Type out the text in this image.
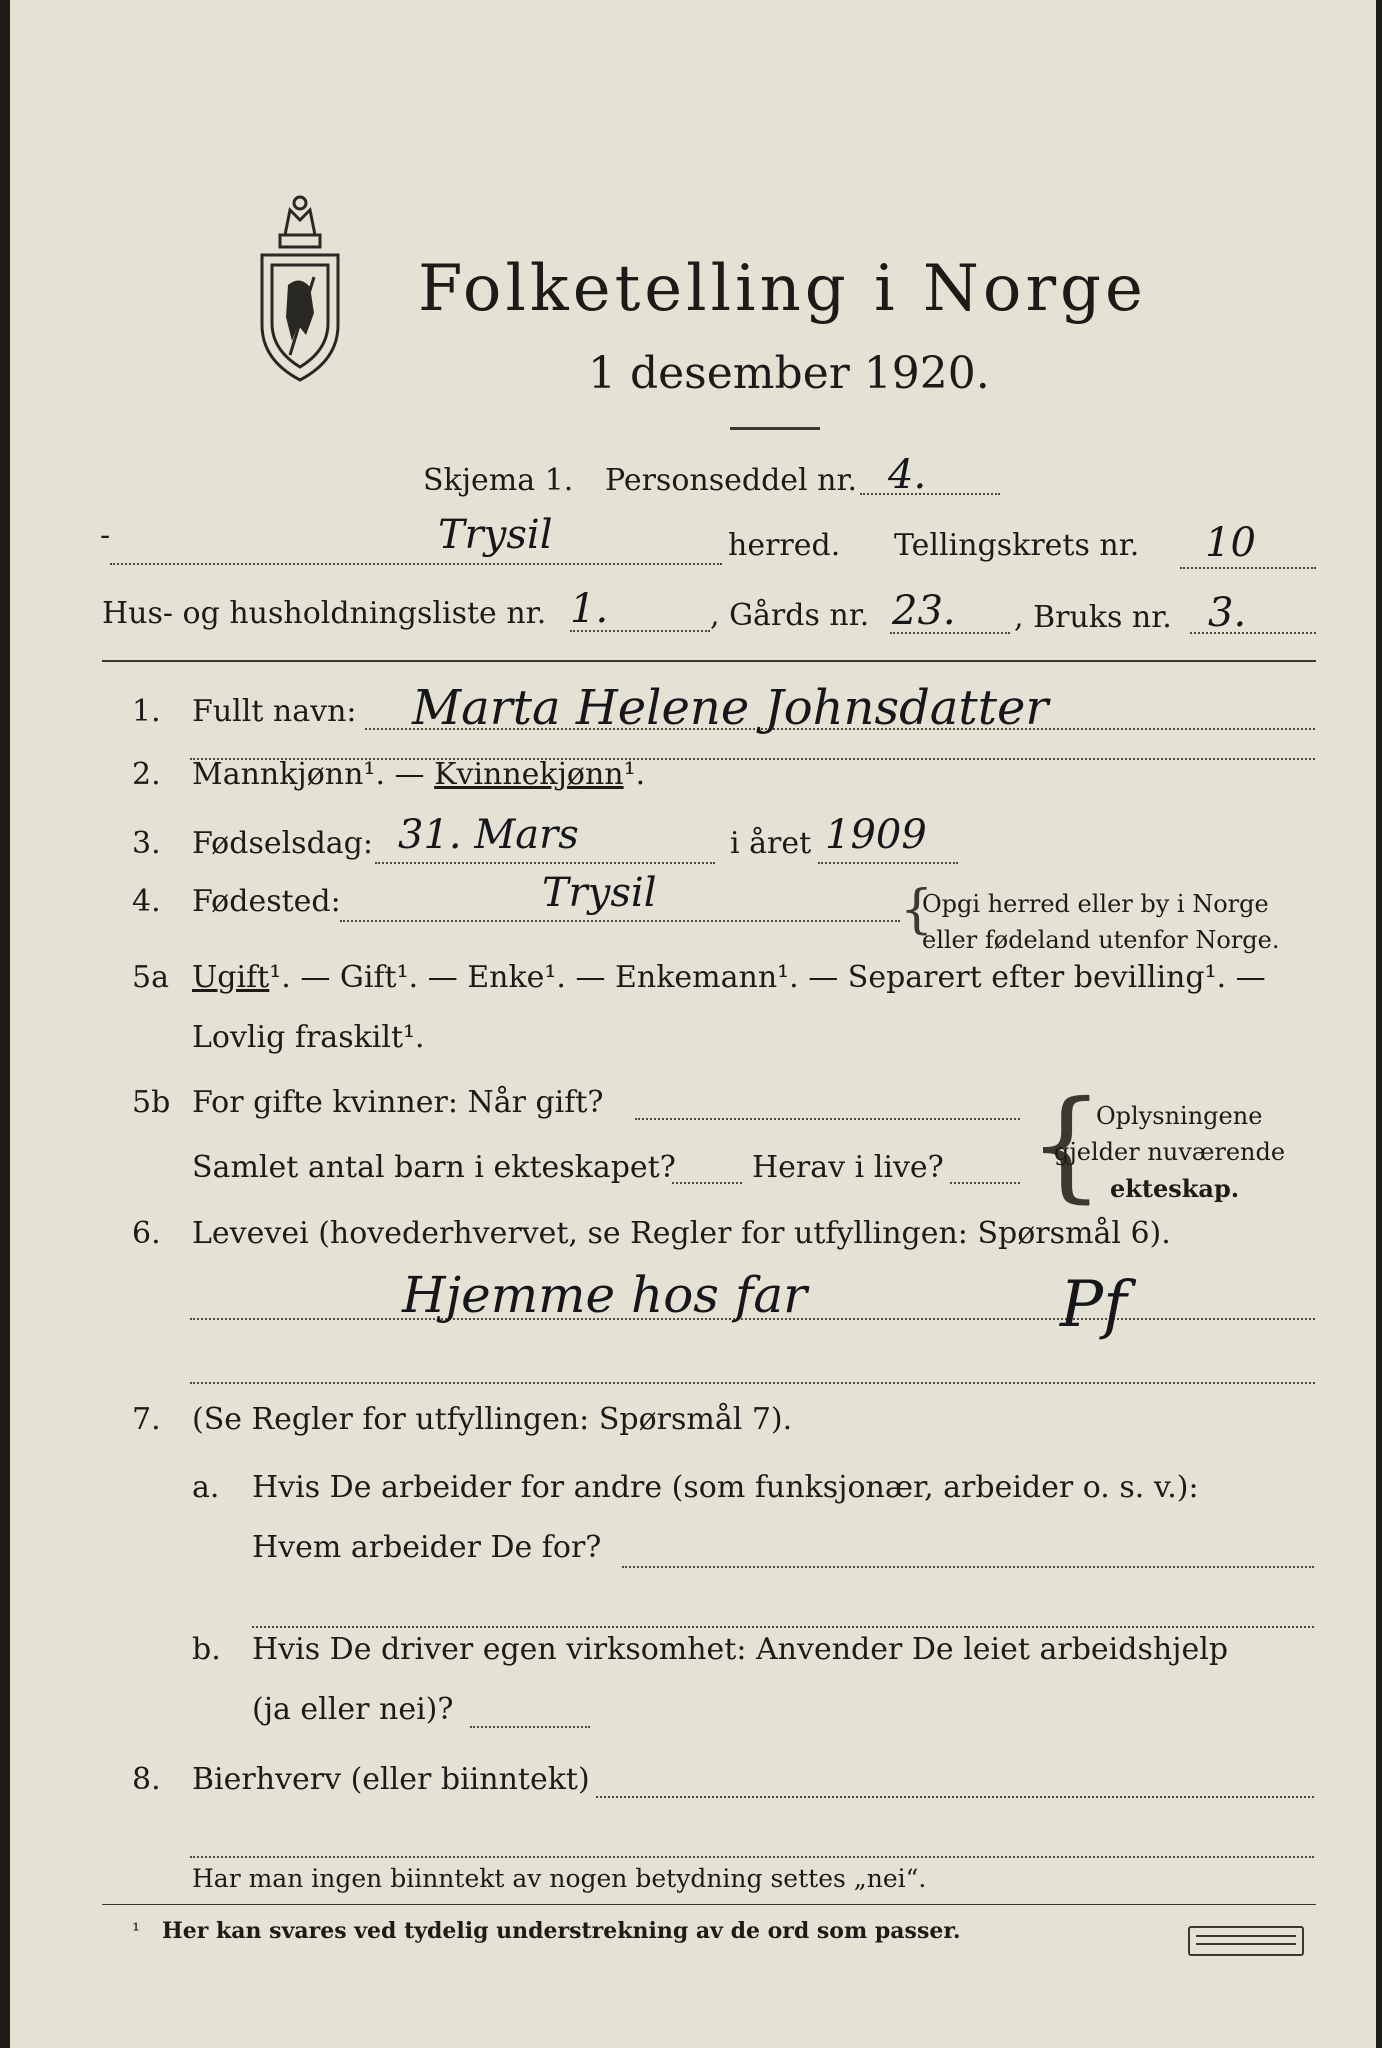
Folketelling i Norge
1 desember 1920.
Skjema 1. Personseddel nr. 4.
-	Trysil	herred. Tellingskrets nr. 10
Hus- og husholdningsliste nr. 1.	, Gårds nr. 23. , Bruks nr. 3.
1. Fullt navn: Marta Helene Johnsdatter
2. Mannkjønn¹. — Kvinnekjønn¹.
3. Fødselsdag: 31. Mars	i året 1909
4. Fødested:	Trysil	{
Opgi herred eller by i Norge
eller fødeland utenfor Norge.
5a Ugift¹. — Gift¹. — Enke¹. — Enkemann¹. — Separert efter bevilling¹. —
Lovlig fraskilt¹.
5b For gifte kvinner: Når gift?
Samlet antal barn i ekteskapet?	Herav i live? {
Oplysningene
gjelder nuværende
ekteskap.
6. Levevei (hovederhvervet, se Regler for utfyllingen: Spørsmål 6).
Hjemme hos far	Pf
7. (Se Regler for utfyllingen: Spørsmål 7).
a. Hvis De arbeider for andre (som funksjonær, arbeider o. s. v.):
Hvem arbeider De for?
b. Hvis De driver egen virksomhet: Anvender De leiet arbeidshjelp
(ja eller nei)?
8. Bierhverv (eller biinntekt)
Har man ingen biinntekt av nogen betydning settes „nei“.
¹ Her kan svares ved tydelig understrekning av de ord som passer.
